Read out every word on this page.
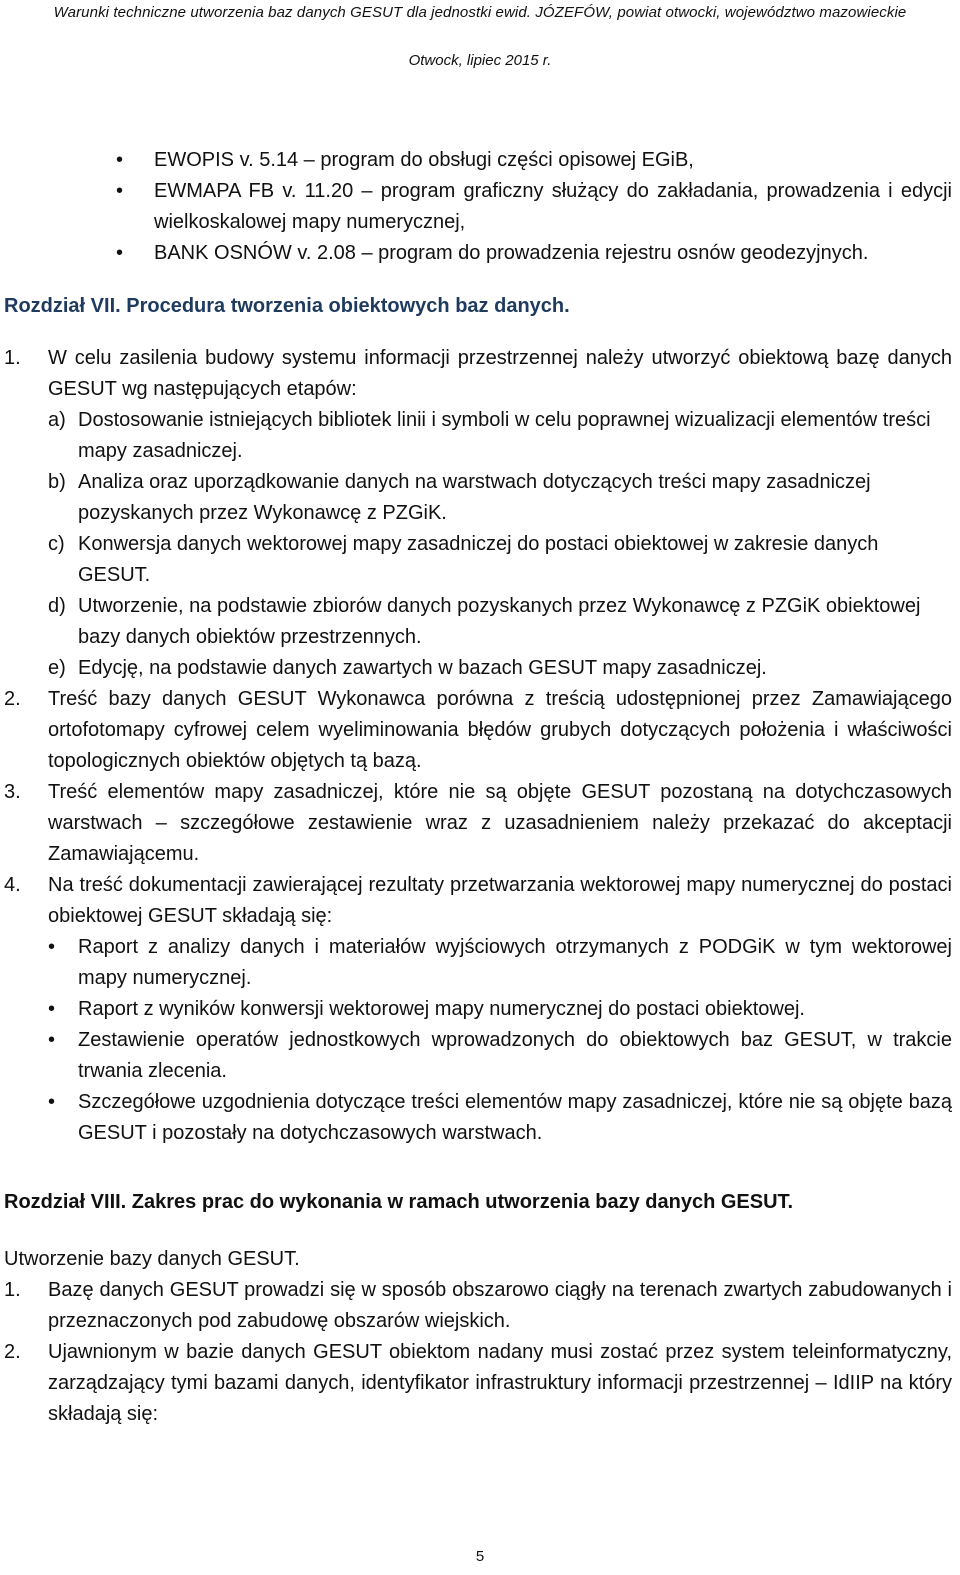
Warunki techniczne utworzenia baz danych GESUT dla jednostki ewid. JÓZEFÓW, powiat otwocki, województwo mazowieckie
Otwock, lipiec 2015 r.
• EWOPIS v. 5.14 – program do obsługi części opisowej EGiB,
• EWMAPA FB v. 11.20 – program graficzny służący do zakładania, prowadzenia i edycji wielkoskalowej mapy numerycznej,
• BANK OSNÓW v. 2.08 – program do prowadzenia rejestru osnów geodezyjnych.
Rozdział VII. Procedura tworzenia obiektowych baz danych.
1. W celu zasilenia budowy systemu informacji przestrzennej należy utworzyć obiektową bazę danych GESUT wg następujących etapów:
a) Dostosowanie istniejących bibliotek linii i symboli w celu poprawnej wizualizacji elementów treści mapy zasadniczej.
b) Analiza oraz uporządkowanie danych na warstwach dotyczących treści mapy zasadniczej pozyskanych przez Wykonawcę z PZGiK.
c) Konwersja danych wektorowej mapy zasadniczej do postaci obiektowej w zakresie danych GESUT.
d) Utworzenie, na podstawie zbiorów danych pozyskanych przez Wykonawcę z PZGiK obiektowej bazy danych obiektów przestrzennych.
e) Edycję, na podstawie danych zawartych w bazach GESUT mapy zasadniczej.
2. Treść bazy danych GESUT Wykonawca porówna z treścią udostępnionej przez Zamawiającego ortofotomapy cyfrowej celem wyeliminowania błędów grubych dotyczących położenia i właściwości topologicznych obiektów objętych tą bazą.
3. Treść elementów mapy zasadniczej, które nie są objęte GESUT pozostaną na dotychczasowych warstwach – szczegółowe zestawienie wraz z uzasadnieniem należy przekazać do akceptacji Zamawiającemu.
4. Na treść dokumentacji zawierającej rezultaty przetwarzania wektorowej mapy numerycznej do postaci obiektowej GESUT składają się:
• Raport z analizy danych i materiałów wyjściowych otrzymanych z PODGiK w tym wektorowej mapy numerycznej.
• Raport z wyników konwersji wektorowej mapy numerycznej do postaci obiektowej.
• Zestawienie operatów jednostkowych wprowadzonych do obiektowych baz GESUT, w trakcie trwania zlecenia.
• Szczegółowe uzgodnienia dotyczące treści elementów mapy zasadniczej, które nie są objęte bazą GESUT i pozostały na dotychczasowych warstwach.
Rozdział VIII. Zakres prac do wykonania w ramach utworzenia bazy danych GESUT.
Utworzenie bazy danych GESUT.
1. Bazę danych GESUT prowadzi się w sposób obszarowo ciągły na terenach zwartych zabudowanych i przeznaczonych pod zabudowę obszarów wiejskich.
2. Ujawnionym w bazie danych GESUT obiektom nadany musi zostać przez system teleinformatyczny, zarządzający tymi bazami danych, identyfikator infrastruktury informacji przestrzennej – IdIIP na który składają się:
5
